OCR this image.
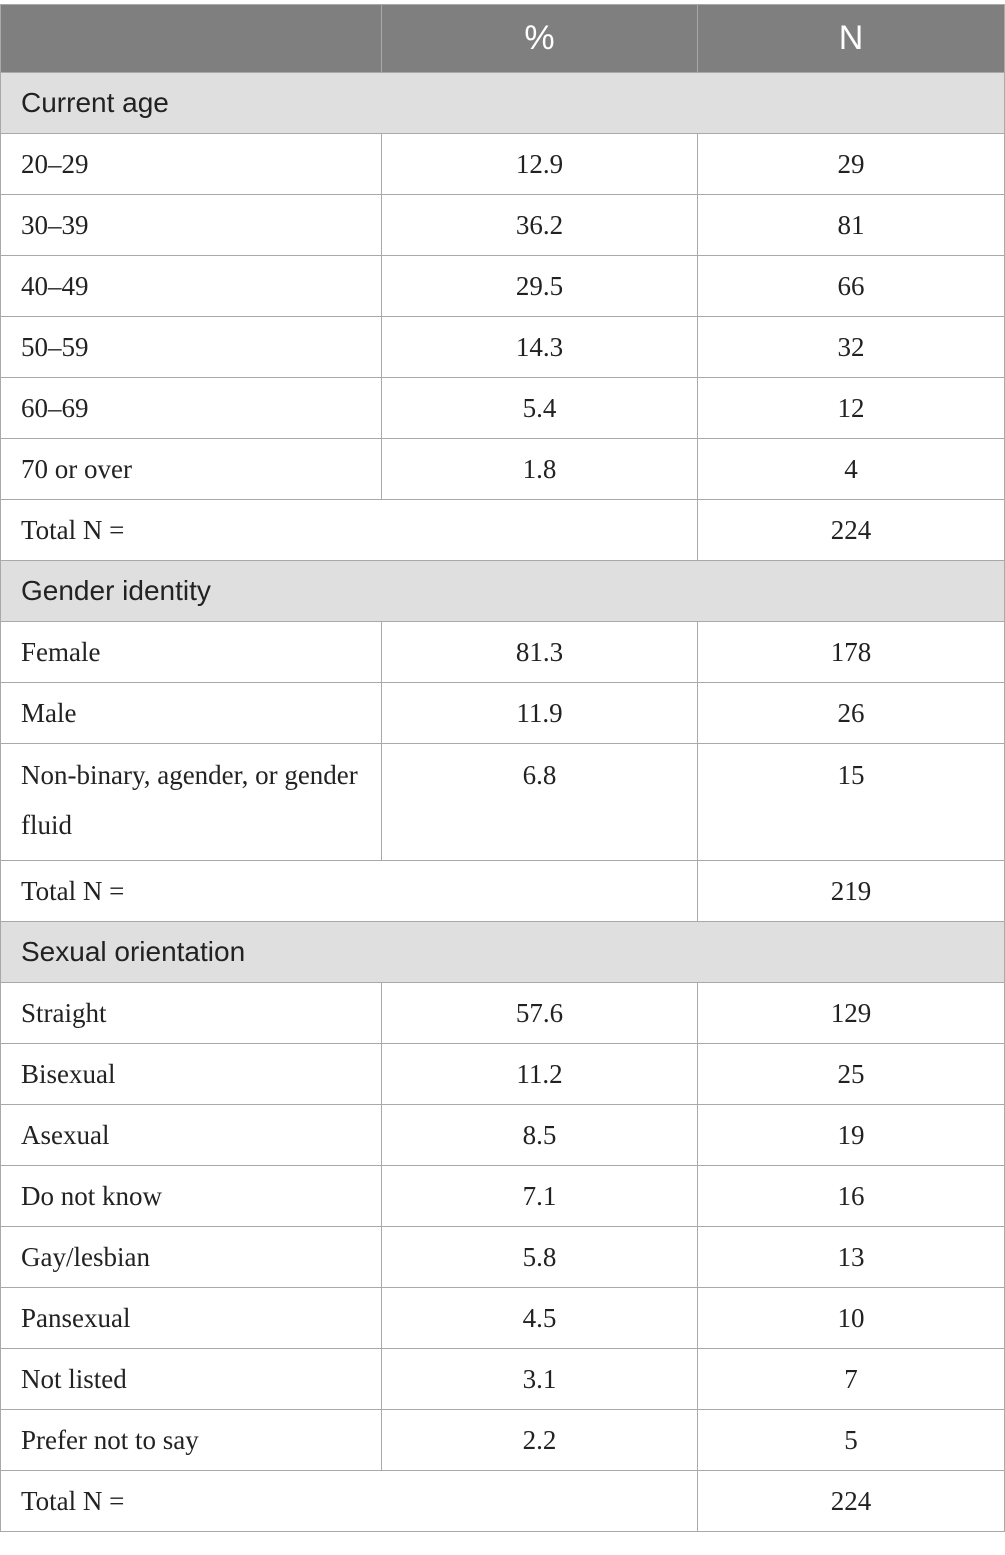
	%	N
Current age		
20–29	12.9	29
30–39	36.2	81
40–49	29.5	66
50–59	14.3	32
60–69	5.4	12
70 or over	1.8	4
Total N =		224
Gender identity		
Female	81.3	178
Male	11.9	26
Non-binary, agender, or gender fluid	6.8	15
Total N =		219
Sexual orientation		
Straight	57.6	129
Bisexual	11.2	25
Asexual	8.5	19
Do not know	7.1	16
Gay/lesbian	5.8	13
Pansexual	4.5	10
Not listed	3.1	7
Prefer not to say	2.2	5
Total N =		224
